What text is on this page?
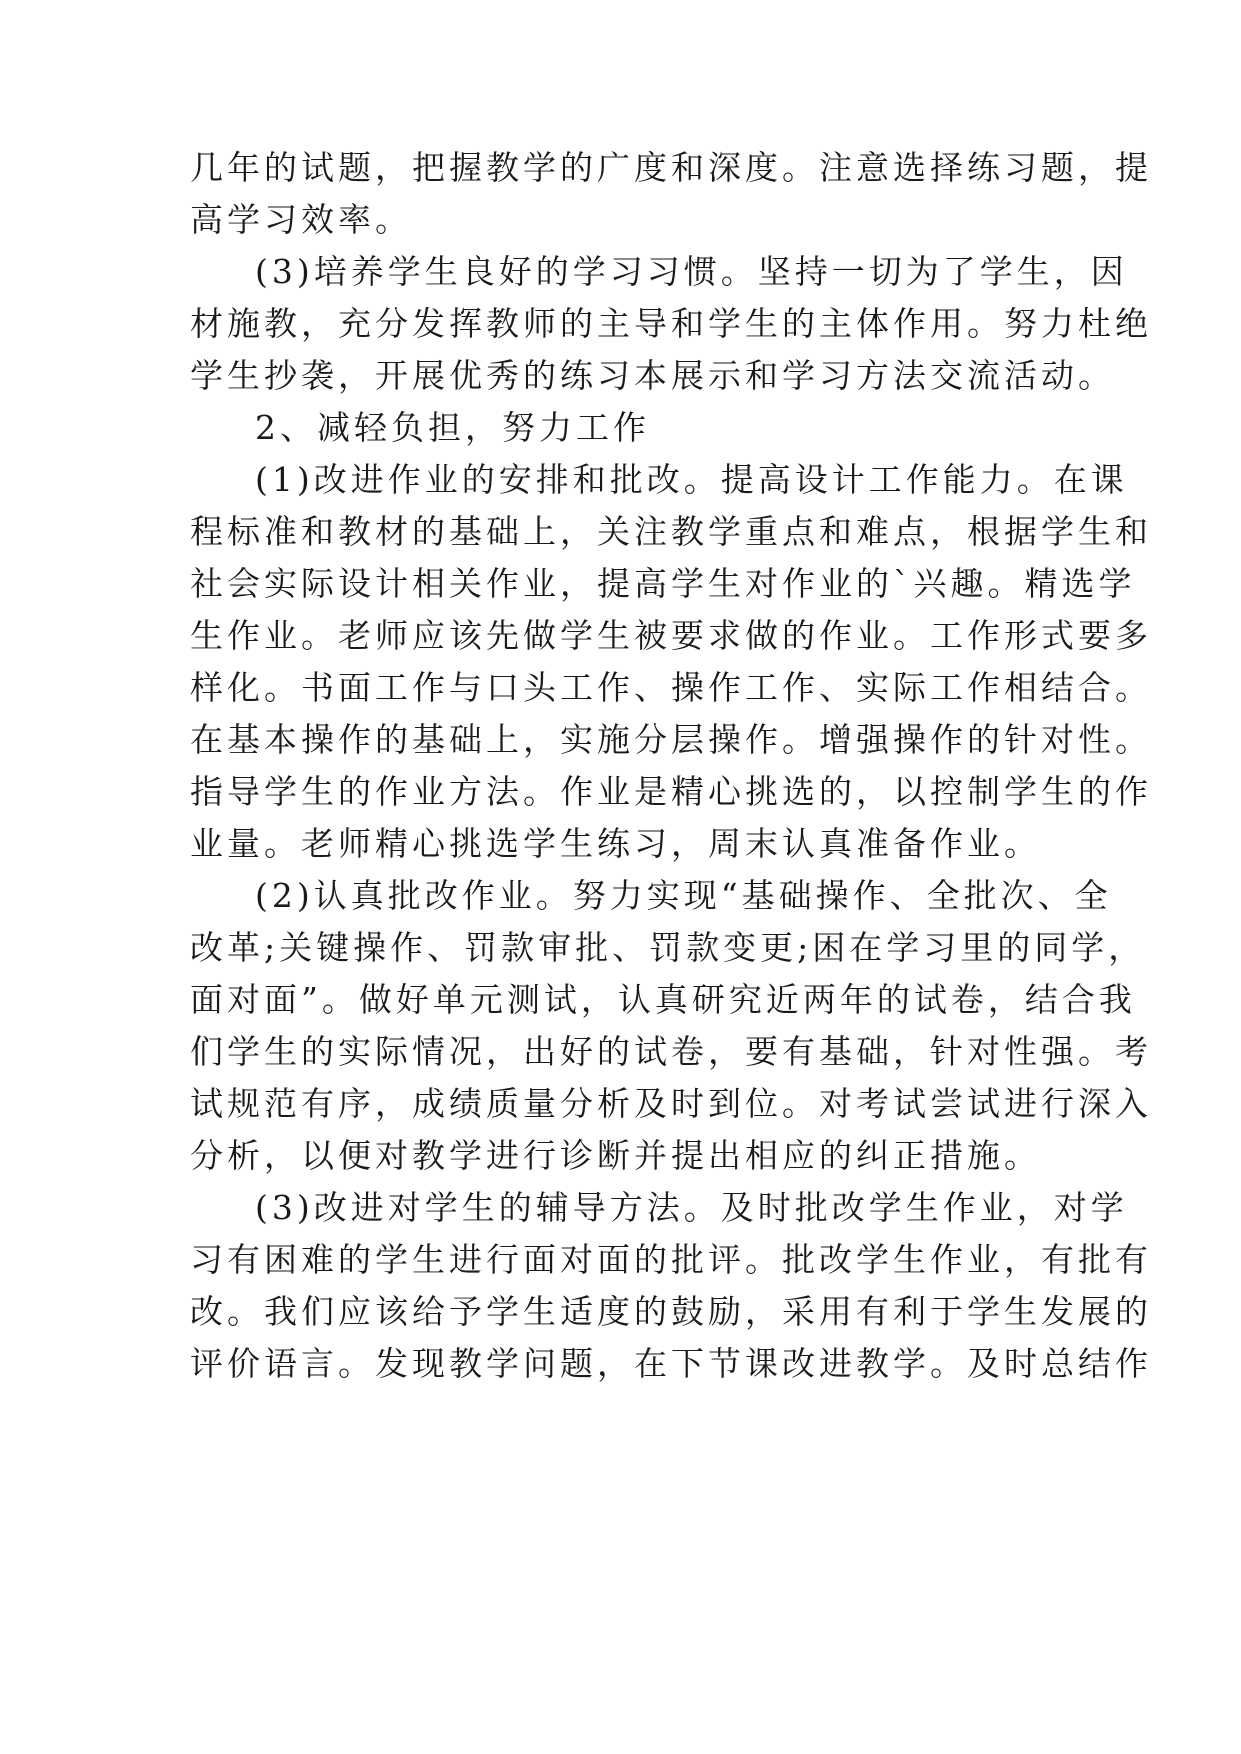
几年的试题，把握教学的广度和深度。注意选择练习题，提
高学习效率。
(3)培养学生良好的学习习惯。坚持一切为了学生，因
材施教，充分发挥教师的主导和学生的主体作用。努力杜绝
学生抄袭，开展优秀的练习本展示和学习方法交流活动。
2、减轻负担，努力工作
(1)改进作业的安排和批改。提高设计工作能力。在课
程标准和教材的基础上，关注教学重点和难点，根据学生和
社会实际设计相关作业，提高学生对作业的`兴趣。精选学
生作业。老师应该先做学生被要求做的作业。工作形式要多
样化。书面工作与口头工作、操作工作、实际工作相结合。
在基本操作的基础上，实施分层操作。增强操作的针对性。
指导学生的作业方法。作业是精心挑选的，以控制学生的作
业量。老师精心挑选学生练习，周末认真准备作业。
(2)认真批改作业。努力实现“基础操作、全批次、全
改革;关键操作、罚款审批、罚款变更;困在学习里的同学，
面对面”。做好单元测试，认真研究近两年的试卷，结合我
们学生的实际情况，出好的试卷，要有基础，针对性强。考
试规范有序，成绩质量分析及时到位。对考试尝试进行深入
分析，以便对教学进行诊断并提出相应的纠正措施。
(3)改进对学生的辅导方法。及时批改学生作业，对学
习有困难的学生进行面对面的批评。批改学生作业，有批有
改。我们应该给予学生适度的鼓励，采用有利于学生发展的
评价语言。发现教学问题，在下节课改进教学。及时总结作
